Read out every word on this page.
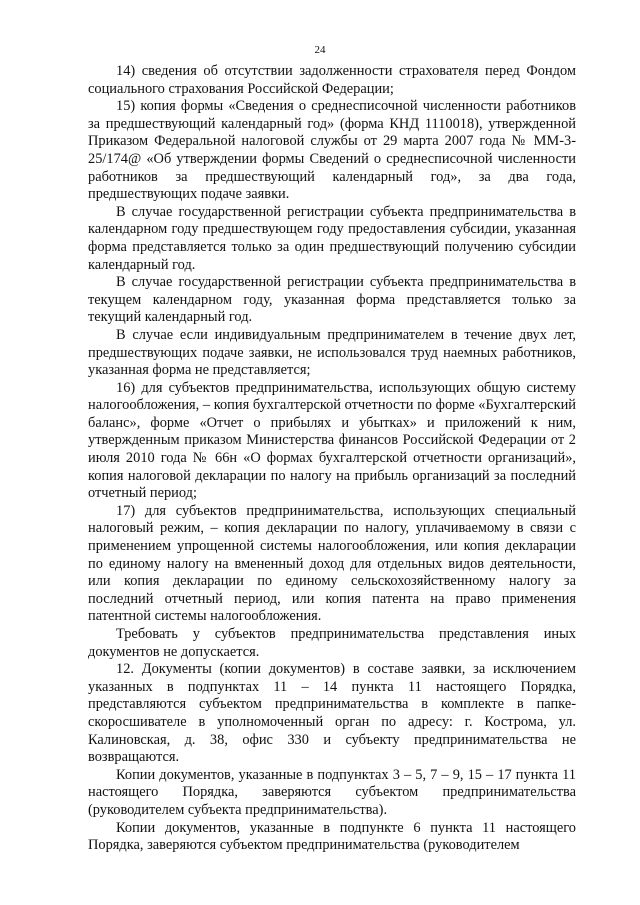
24

14) сведения об отсутствии задолженности страхователя перед Фондом социального страхования Российской Федерации;

15) копия формы «Сведения о среднесписочной численности работников за предшествующий календарный год» (форма КНД 1110018), утвержденной Приказом Федеральной налоговой службы от 29 марта 2007 года № ММ-3-25/174@ «Об утверждении формы Сведений о среднесписочной численности работников за предшествующий календарный год», за два года, предшествующих подаче заявки.

В случае государственной регистрации субъекта предпринимательства в календарном году предшествующем году предоставления субсидии, указанная форма представляется только за один предшествующий получению субсидии календарный год.

В случае государственной регистрации субъекта предпринимательства в текущем календарном году, указанная форма представляется только за текущий календарный год.

В случае если индивидуальным предпринимателем в течение двух лет, предшествующих подаче заявки, не использовался труд наемных работников, указанная форма не представляется;

16) для субъектов предпринимательства, использующих общую систему налогообложения, – копия бухгалтерской отчетности по форме «Бухгалтерский баланс», форме «Отчет о прибылях и убытках» и приложений к ним, утвержденным приказом Министерства финансов Российской Федерации от 2 июля 2010 года № 66н «О формах бухгалтерской отчетности организаций», копия налоговой декларации по налогу на прибыль организаций за последний отчетный период;

17) для субъектов предпринимательства, использующих специальный налоговый режим, – копия декларации по налогу, уплачиваемому в связи с применением упрощенной системы налогообложения, или копия декларации по единому налогу на вмененный доход для отдельных видов деятельности, или копия декларации по единому сельскохозяйственному налогу за последний отчетный период, или копия патента на право применения патентной системы налогообложения.

Требовать у субъектов предпринимательства представления иных документов не допускается.

12. Документы (копии документов) в составе заявки, за исключением указанных в подпунктах 11 – 14 пункта 11 настоящего Порядка, представляются субъектом предпринимательства в комплекте в папке-скоросшивателе в уполномоченный орган по адресу: г. Кострома, ул. Калиновская, д. 38, офис 330 и субъекту предпринимательства не возвращаются.

Копии документов, указанные в подпунктах 3 – 5, 7 – 9, 15 – 17 пункта 11 настоящего Порядка, заверяются субъектом предпринимательства (руководителем субъекта предпринимательства).

Копии документов, указанные в подпункте 6 пункта 11 настоящего Порядка, заверяются субъектом предпринимательства (руководителем
